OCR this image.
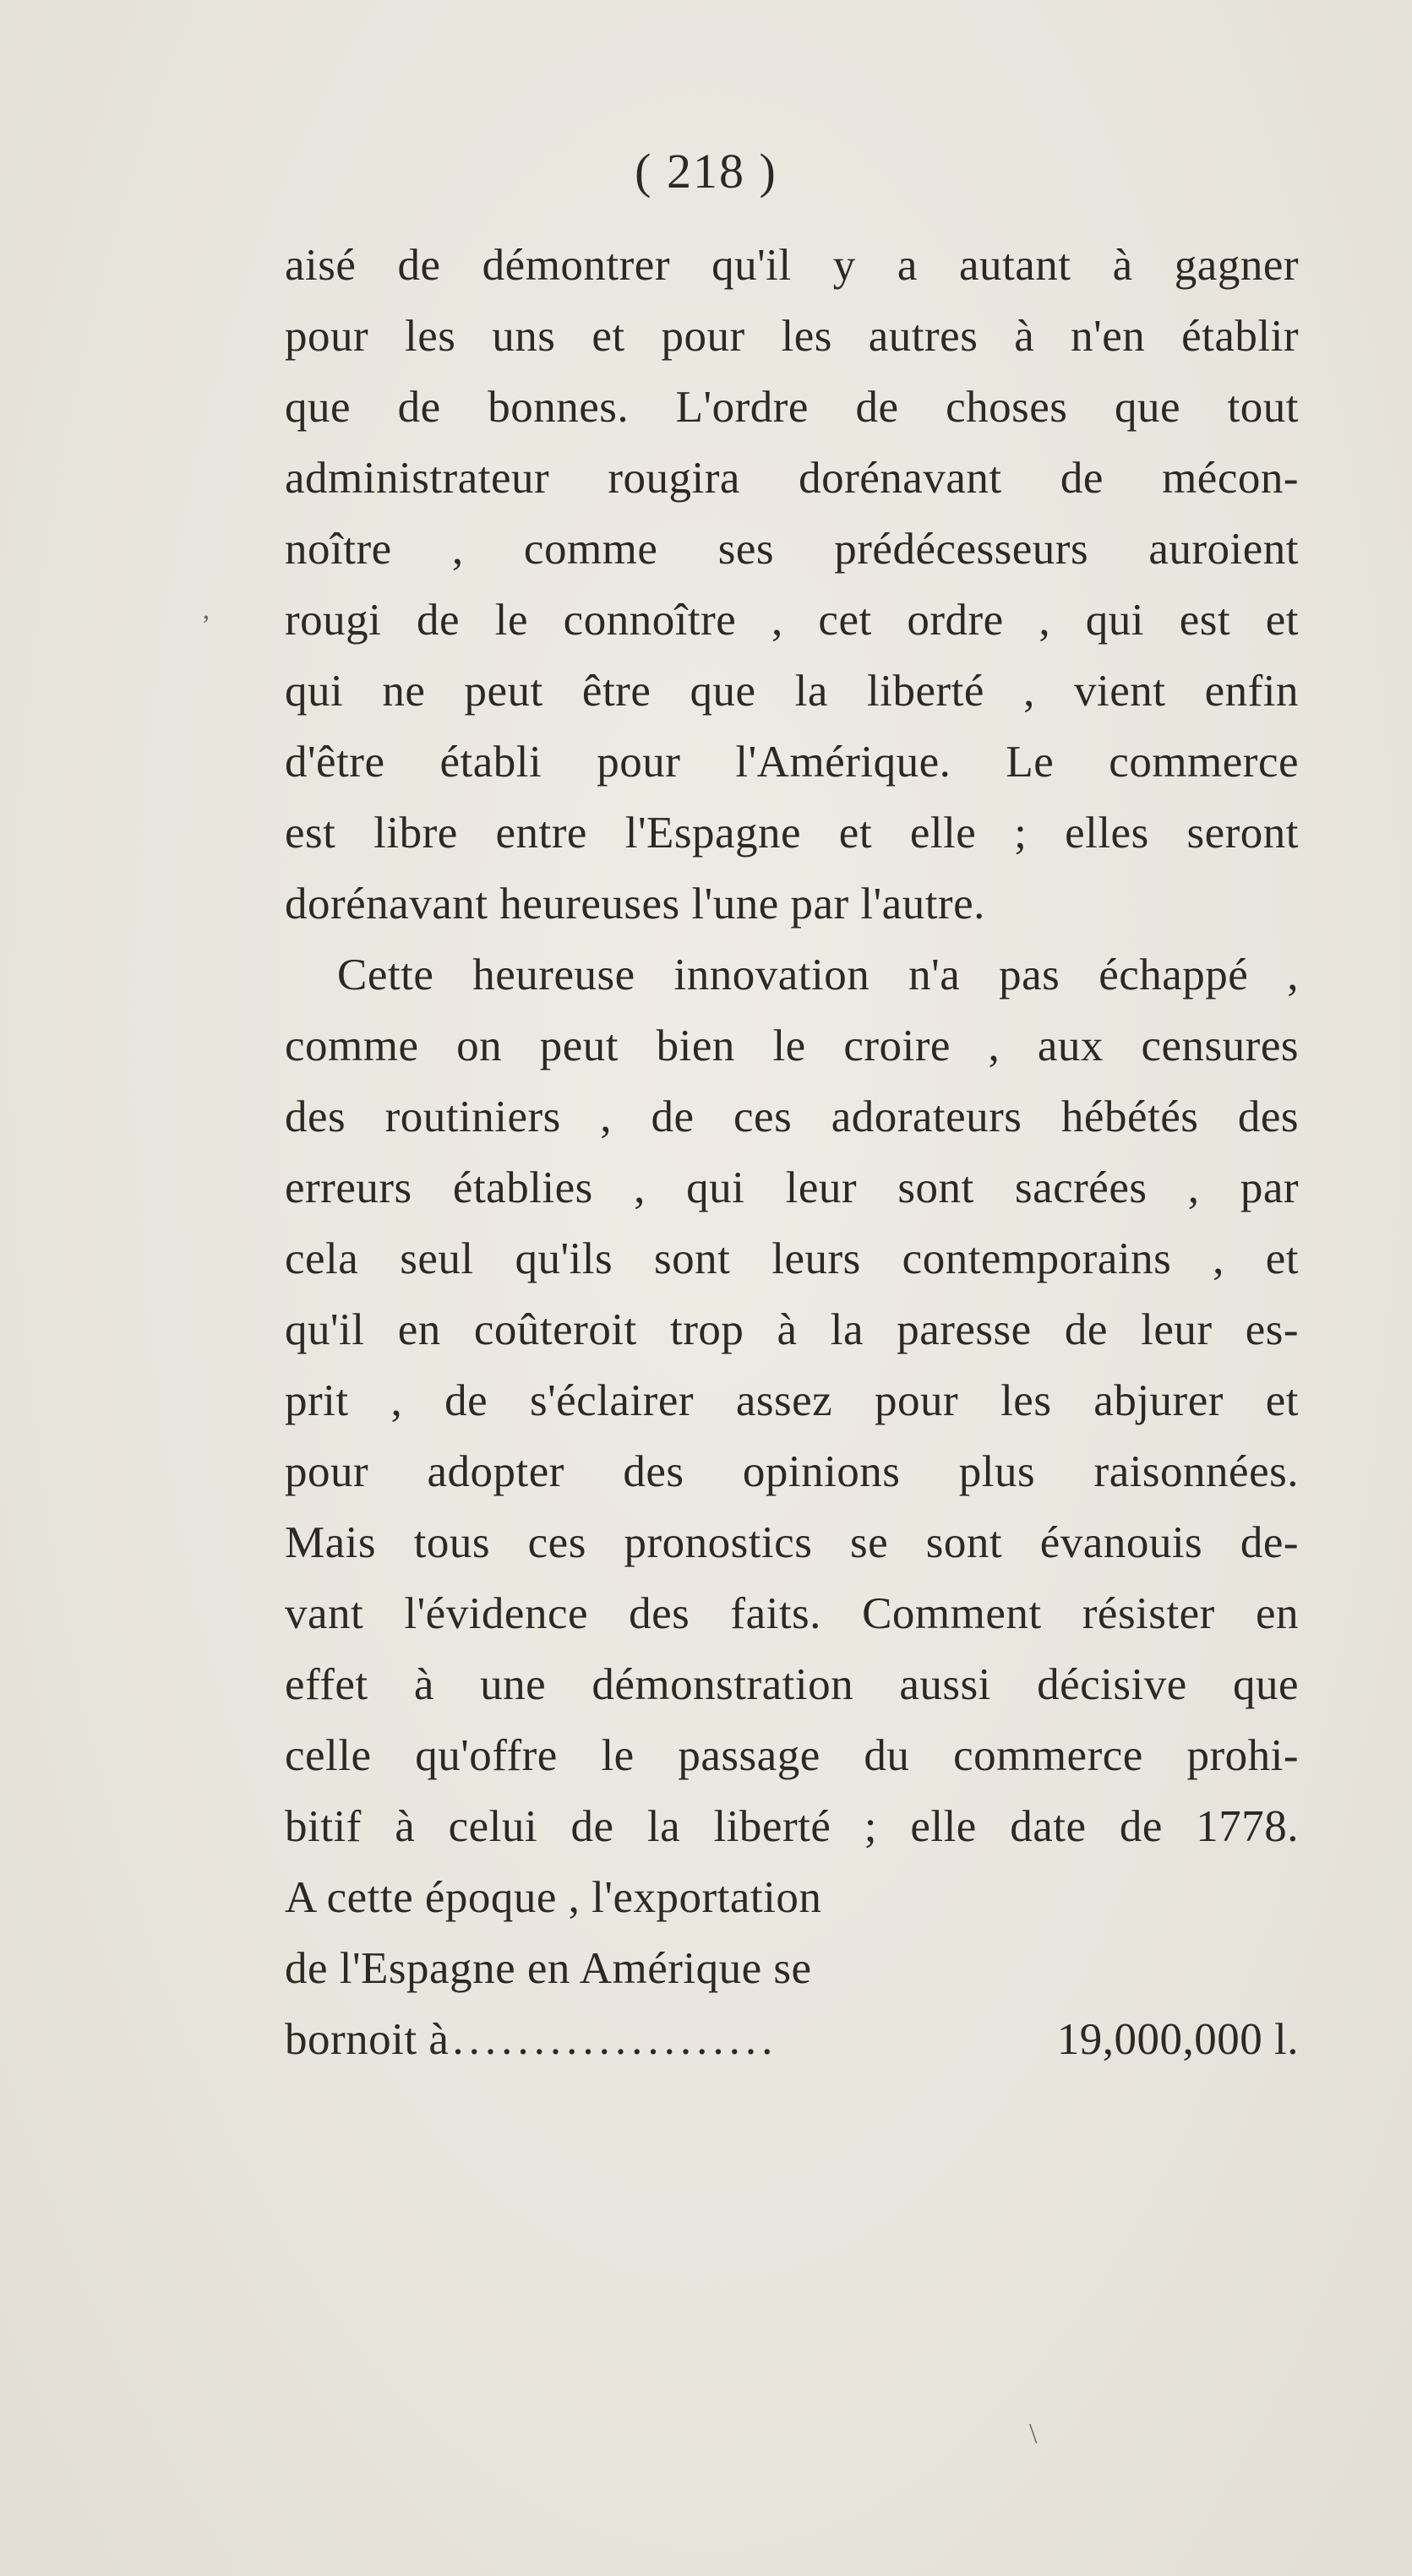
( 218 )
ʼ
\
aisé de démontrer qu'il y a autant à gagner
pour les uns et pour les autres à n'en établir
que de bonnes. L'ordre de choses que tout
administrateur rougira dorénavant de mécon-
noître , comme ses prédécesseurs auroient
rougi de le connoître , cet ordre , qui est et
qui ne peut être que la liberté , vient enfin
d'être établi pour l'Amérique. Le commerce
est libre entre l'Espagne et elle ; elles seront
dorénavant heureuses l'une par l'autre.
Cette heureuse innovation n'a pas échappé ,
comme on peut bien le croire , aux censures
des routiniers , de ces adorateurs hébétés des
erreurs établies , qui leur sont sacrées , par
cela seul qu'ils sont leurs contemporains , et
qu'il en coûteroit trop à la paresse de leur es-
prit , de s'éclairer assez pour les abjurer et
pour adopter des opinions plus raisonnées.
Mais tous ces pronostics se sont évanouis de-
vant l'évidence des faits. Comment résister en
effet à une démonstration aussi décisive que
celle qu'offre le passage du commerce prohi-
bitif à celui de la liberté ; elle date de 1778.
A cette époque , l'exportation
de l'Espagne en Amérique se
bornoit à ....................	19,000,000 l.
